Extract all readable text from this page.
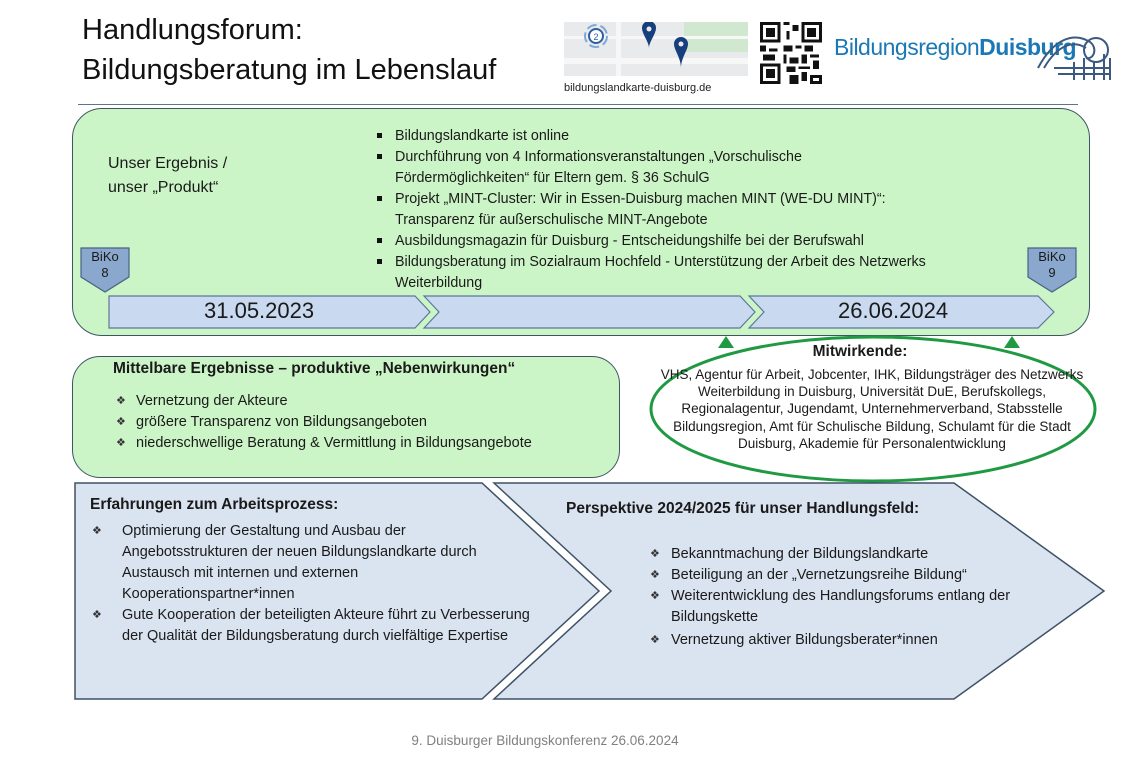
Handlungsforum:
Bildungsberatung im Lebenslauf
2
bildungslandkarte-duisburg.de
BildungsregionDuisburg
Unser Ergebnis /
unser „Produkt“
Bildungslandkarte ist online
Durchführung von 4 Informationsveranstaltungen „Vorschulische Fördermöglichkeiten“ für Eltern gem. § 36 SchulG
Projekt „MINT-Cluster: Wir in Essen-Duisburg machen MINT (WE-DU MINT)“: Transparenz für außerschulische MINT-Angebote
Ausbildungsmagazin für Duisburg - Entscheidungshilfe bei der Berufswahl
Bildungsberatung im Sozialraum Hochfeld - Unterstützung der Arbeit des Netzwerks Weiterbildung
31.05.2023	26.06.2024
BiKo
8
BiKo
9
Mittelbare Ergebnisse – produktive „Nebenwirkungen“
❖ Vernetzung der Akteure
❖ größere Transparenz von Bildungsangeboten
❖ niederschwellige Beratung & Vermittlung in Bildungsangebote
Mitwirkende:
VHS, Agentur für Arbeit, Jobcenter, IHK, Bildungsträger des Netzwerks Weiterbildung in Duisburg, Universität DuE, Berufskollegs, Regionalagentur, Jugendamt, Unternehmerverband, Stabsstelle Bildungsregion, Amt für Schulische Bildung, Schulamt für die Stadt Duisburg, Akademie für Personalentwicklung
Erfahrungen zum Arbeitsprozess:
❖ Optimierung der Gestaltung und Ausbau der Angebotsstrukturen der neuen Bildungslandkarte durch Austausch mit internen und externen Kooperationspartner*innen
❖ Gute Kooperation der beteiligten Akteure führt zu Verbesserung der Qualität der Bildungsberatung durch vielfältige Expertise
Perspektive 2024/2025 für unser Handlungsfeld:
❖ Bekanntmachung der Bildungslandkarte
❖ Beteiligung an der „Vernetzungsreihe Bildung“
❖ Weiterentwicklung des Handlungsforums entlang der Bildungskette
❖ Vernetzung aktiver Bildungsberater*innen
9. Duisburger Bildungskonferenz 26.06.2024
